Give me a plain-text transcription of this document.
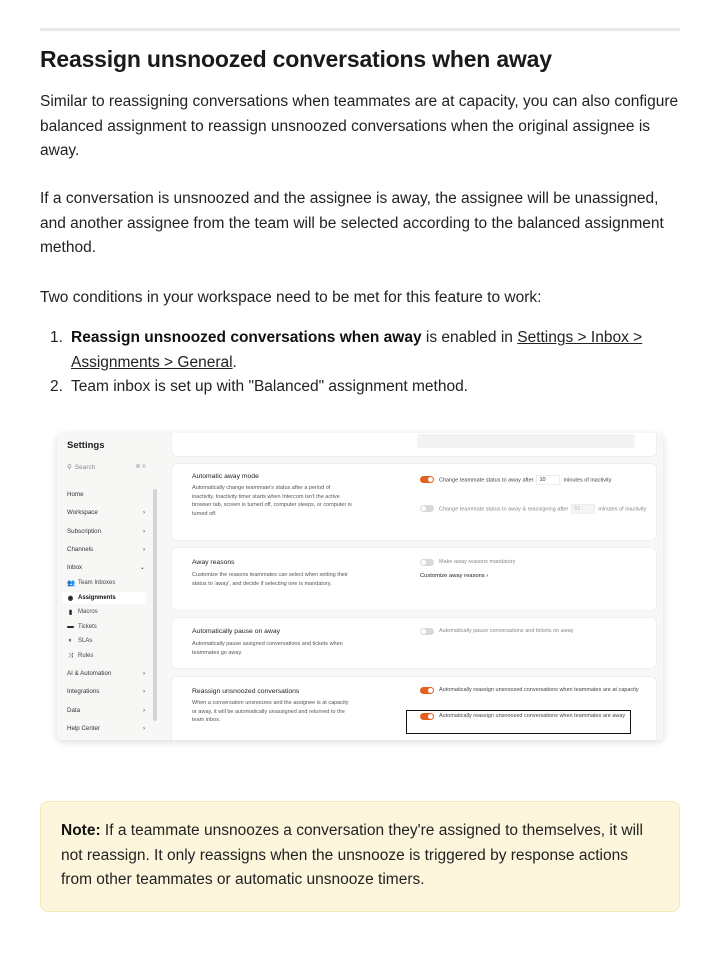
Reassign unsnoozed conversations when away

Similar to reassigning conversations when teammates are at capacity, you can also configure balanced assignment to reassign unsnoozed conversations when the original assignee is away.

If a conversation is unsnoozed and the assignee is away, the assignee will be unassigned, and another assignee from the team will be selected according to the balanced assignment method.

Two conditions in your workspace need to be met for this feature to work:

1. Reassign unsnoozed conversations when away is enabled in Settings > Inbox > Assignments > General.
2. Team inbox is set up with "Balanced" assignment method.
Settings
⚲ Search	⌘ K
Home
Workspace	›
Subscription	›
Channels	›
Inbox	⌄
👥 Team Inboxes
◉ Assignments
▮ Macros
▬ Tickets
◐ SLAs
⤨ Rules
AI & Automation	›
Integrations	›
Data	›
Help Center	›
Automatic away mode
Automatically change teammate's status after a period of inactivity. Inactivity timer starts when Intercom isn't the active browser tab, screen is turned off, computer sleeps, or computer is turned off.
Change teammate status to away after 10	minutes of inactivity
Change teammate status to away & reassigning after 51	minutes of inactivity
Away reasons
Customize the reasons teammates can select when setting their status to 'away', and decide if selecting one is mandatory.
Make away reasons mandatory
Customize away reasons ›
Automatically pause on away
Automatically pause assigned conversations and tickets when teammates go away.
Automatically pause conversations and tickets on away
Reassign unsnoozed conversations
When a conversation unsnoozes and the assignee is at capacity or away, it will be automatically unassigned and returned to the team inbox.
Automatically reassign unsnoozed conversations when teammates are at capacity
Automatically reassign unsnoozed conversations when teammates are away
Note: If a teammate unsnoozes a conversation they're assigned to themselves, it will not reassign. It only reassigns when the unsnooze is triggered by response actions from other teammates or automatic unsnooze timers.
